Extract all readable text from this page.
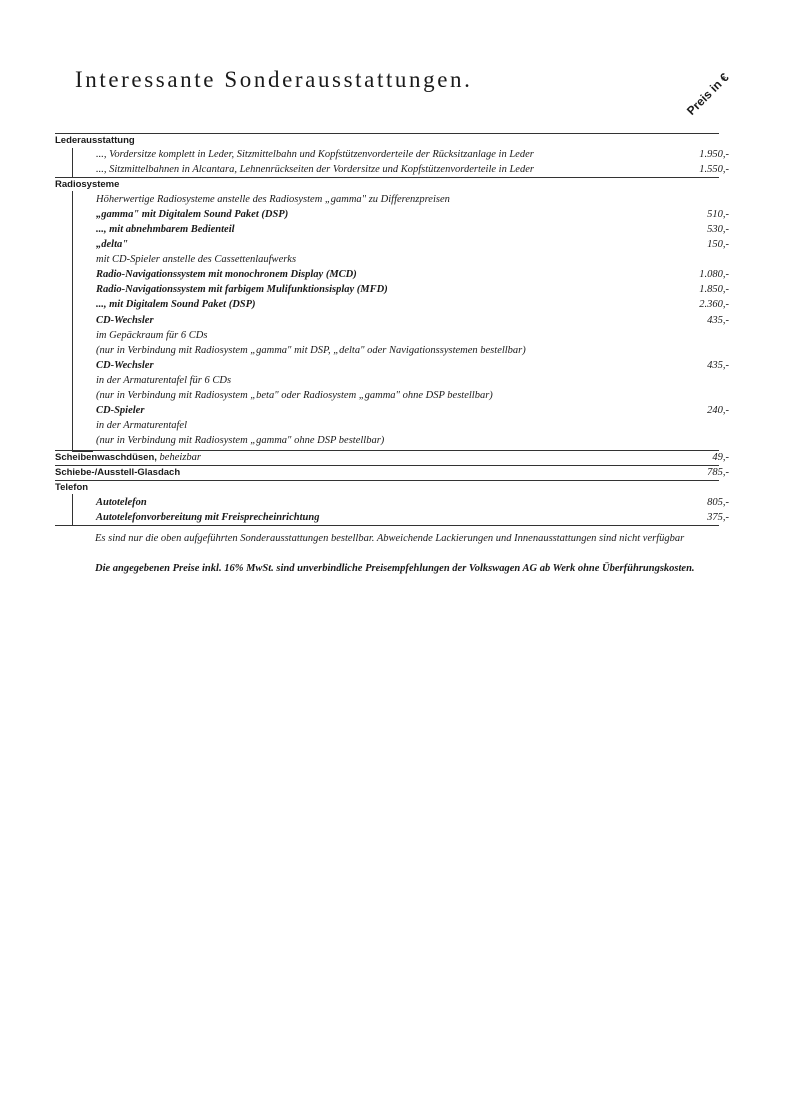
Interessante Sonderausstattungen.	Preis in €
Lederausstattung
..., Vordersitze komplett in Leder, Sitzmittelbahn und Kopfstützenvorderteile der Rücksitzanlage in Leder	1.950,-
..., Sitzmittelbahnen in Alcantara, Lehnenrückseiten der Vordersitze und Kopfstützenvorderteile in Leder	1.550,-
Radiosysteme
Höherwertige Radiosysteme anstelle des Radiosystem „gamma" zu Differenzpreisen
„gamma" mit Digitalem Sound Paket (DSP)	510,-
..., mit abnehmbarem Bedienteil	530,-
„delta"	150,-
mit CD-Spieler anstelle des Cassettenlaufwerks
Radio-Navigationssystem mit monochronem Display (MCD)	1.080,-
Radio-Navigationssystem mit farbigem Mulifunktionsisplay (MFD)	1.850,-
..., mit Digitalem Sound Paket (DSP)	2.360,-
CD-Wechsler	435,-
im Gepäckraum für 6 CDs
(nur in Verbindung mit Radiosystem „gamma" mit DSP, „delta" oder Navigationssystemen bestellbar)
CD-Wechsler	435,-
in der Armaturentafel für 6 CDs
(nur in Verbindung mit Radiosystem „beta" oder Radiosystem „gamma" ohne DSP bestellbar)
CD-Spieler	240,-
in der Armaturentafel
(nur in Verbindung mit Radiosystem „gamma" ohne DSP bestellbar)
Scheibenwaschdüsen, beheizbar	49,-
Schiebe-/Ausstell-Glasdach	785,-
Telefon
Autotelefon	805,-
Autotelefonvorbereitung mit Freisprecheinrichtung	375,-
Es sind nur die oben aufgeführten Sonderausstattungen bestellbar. Abweichende Lackierungen und Innenausstattungen sind nicht verfügbar
Die angegebenen Preise inkl. 16% MwSt. sind unverbindliche Preisempfehlungen der Volkswagen AG ab Werk ohne Überführungskosten.
